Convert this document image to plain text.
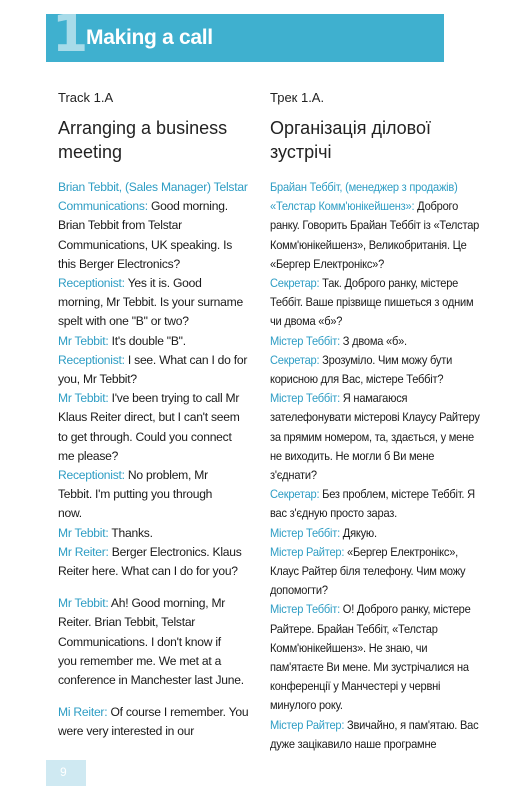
1
Making a call
Track 1.A
Arranging a business
meeting
Brian Tebbit, (Sales Manager) Telstar
Communications: Good morning.
Brian Tebbit from Telstar
Communications, UK speaking. Is
this Berger Electronics?
Receptionist: Yes it is. Good
morning, Mr Tebbit. Is your surname
spelt with one "B" or two?
Mr Tebbit: It's double "B".
Receptionist: I see. What can I do for
you, Mr Tebbit?
Mr Tebbit: I've been trying to call Mr
Klaus Reiter direct, but I can't seem
to get through. Could you connect
me please?
Receptionist: No problem, Mr
Tebbit. I'm putting you through
now.
Mr Tebbit: Thanks.
Mr Reiter: Berger Electronics. Klaus
Reiter here. What can I do for you?
Mr Tebbit: Ah! Good morning, Mr
Reiter. Brian Tebbit, Telstar
Communications. I don't know if
you remember me. We met at a
conference in Manchester last June.
Mi Reiter: Of course I remember. You
were very interested in our
Трек 1.А.
Організація ділової
зустрічі
Брайан Теббіт, (менеджер з продажів)
«Телстар Комм'юнікейшенз»: Доброго
ранку. Говорить Брайан Теббіт із «Телстар
Комм'юнікейшенз», Великобританія. Це
«Бергер Електронікс»?
Секретар: Так. Доброго ранку, містере
Теббіт. Ваше прізвище пишеться з одним
чи двома «б»?
Містер Теббіт: З двома «б».
Секретар: Зрозуміло. Чим можу бути
корисною для Вас, містере Теббіт?
Містер Теббіт: Я намагаюся
зателефонувати містерові Клаусу Райтеру
за прямим номером, та, здається, у мене
не виходить. Не могли б Ви мене
з'єднати?
Секретар: Без проблем, містере Теббіт. Я
вас з'єдную просто зараз.
Містер Теббіт: Дякую.
Містер Райтер: «Бергер Електронікс»,
Клаус Райтер біля телефону. Чим можу
допомогти?
Містер Теббіт: О! Доброго ранку, містере
Райтере. Брайан Теббіт, «Телстар
Комм'юнікейшенз». Не знаю, чи
пам'ятаєте Ви мене. Ми зустрічалися на
конференції у Манчестері у червні
минулого року.
Містер Райтер: Звичайно, я пам'ятаю. Вас
дуже зацікавило наше програмне
9
